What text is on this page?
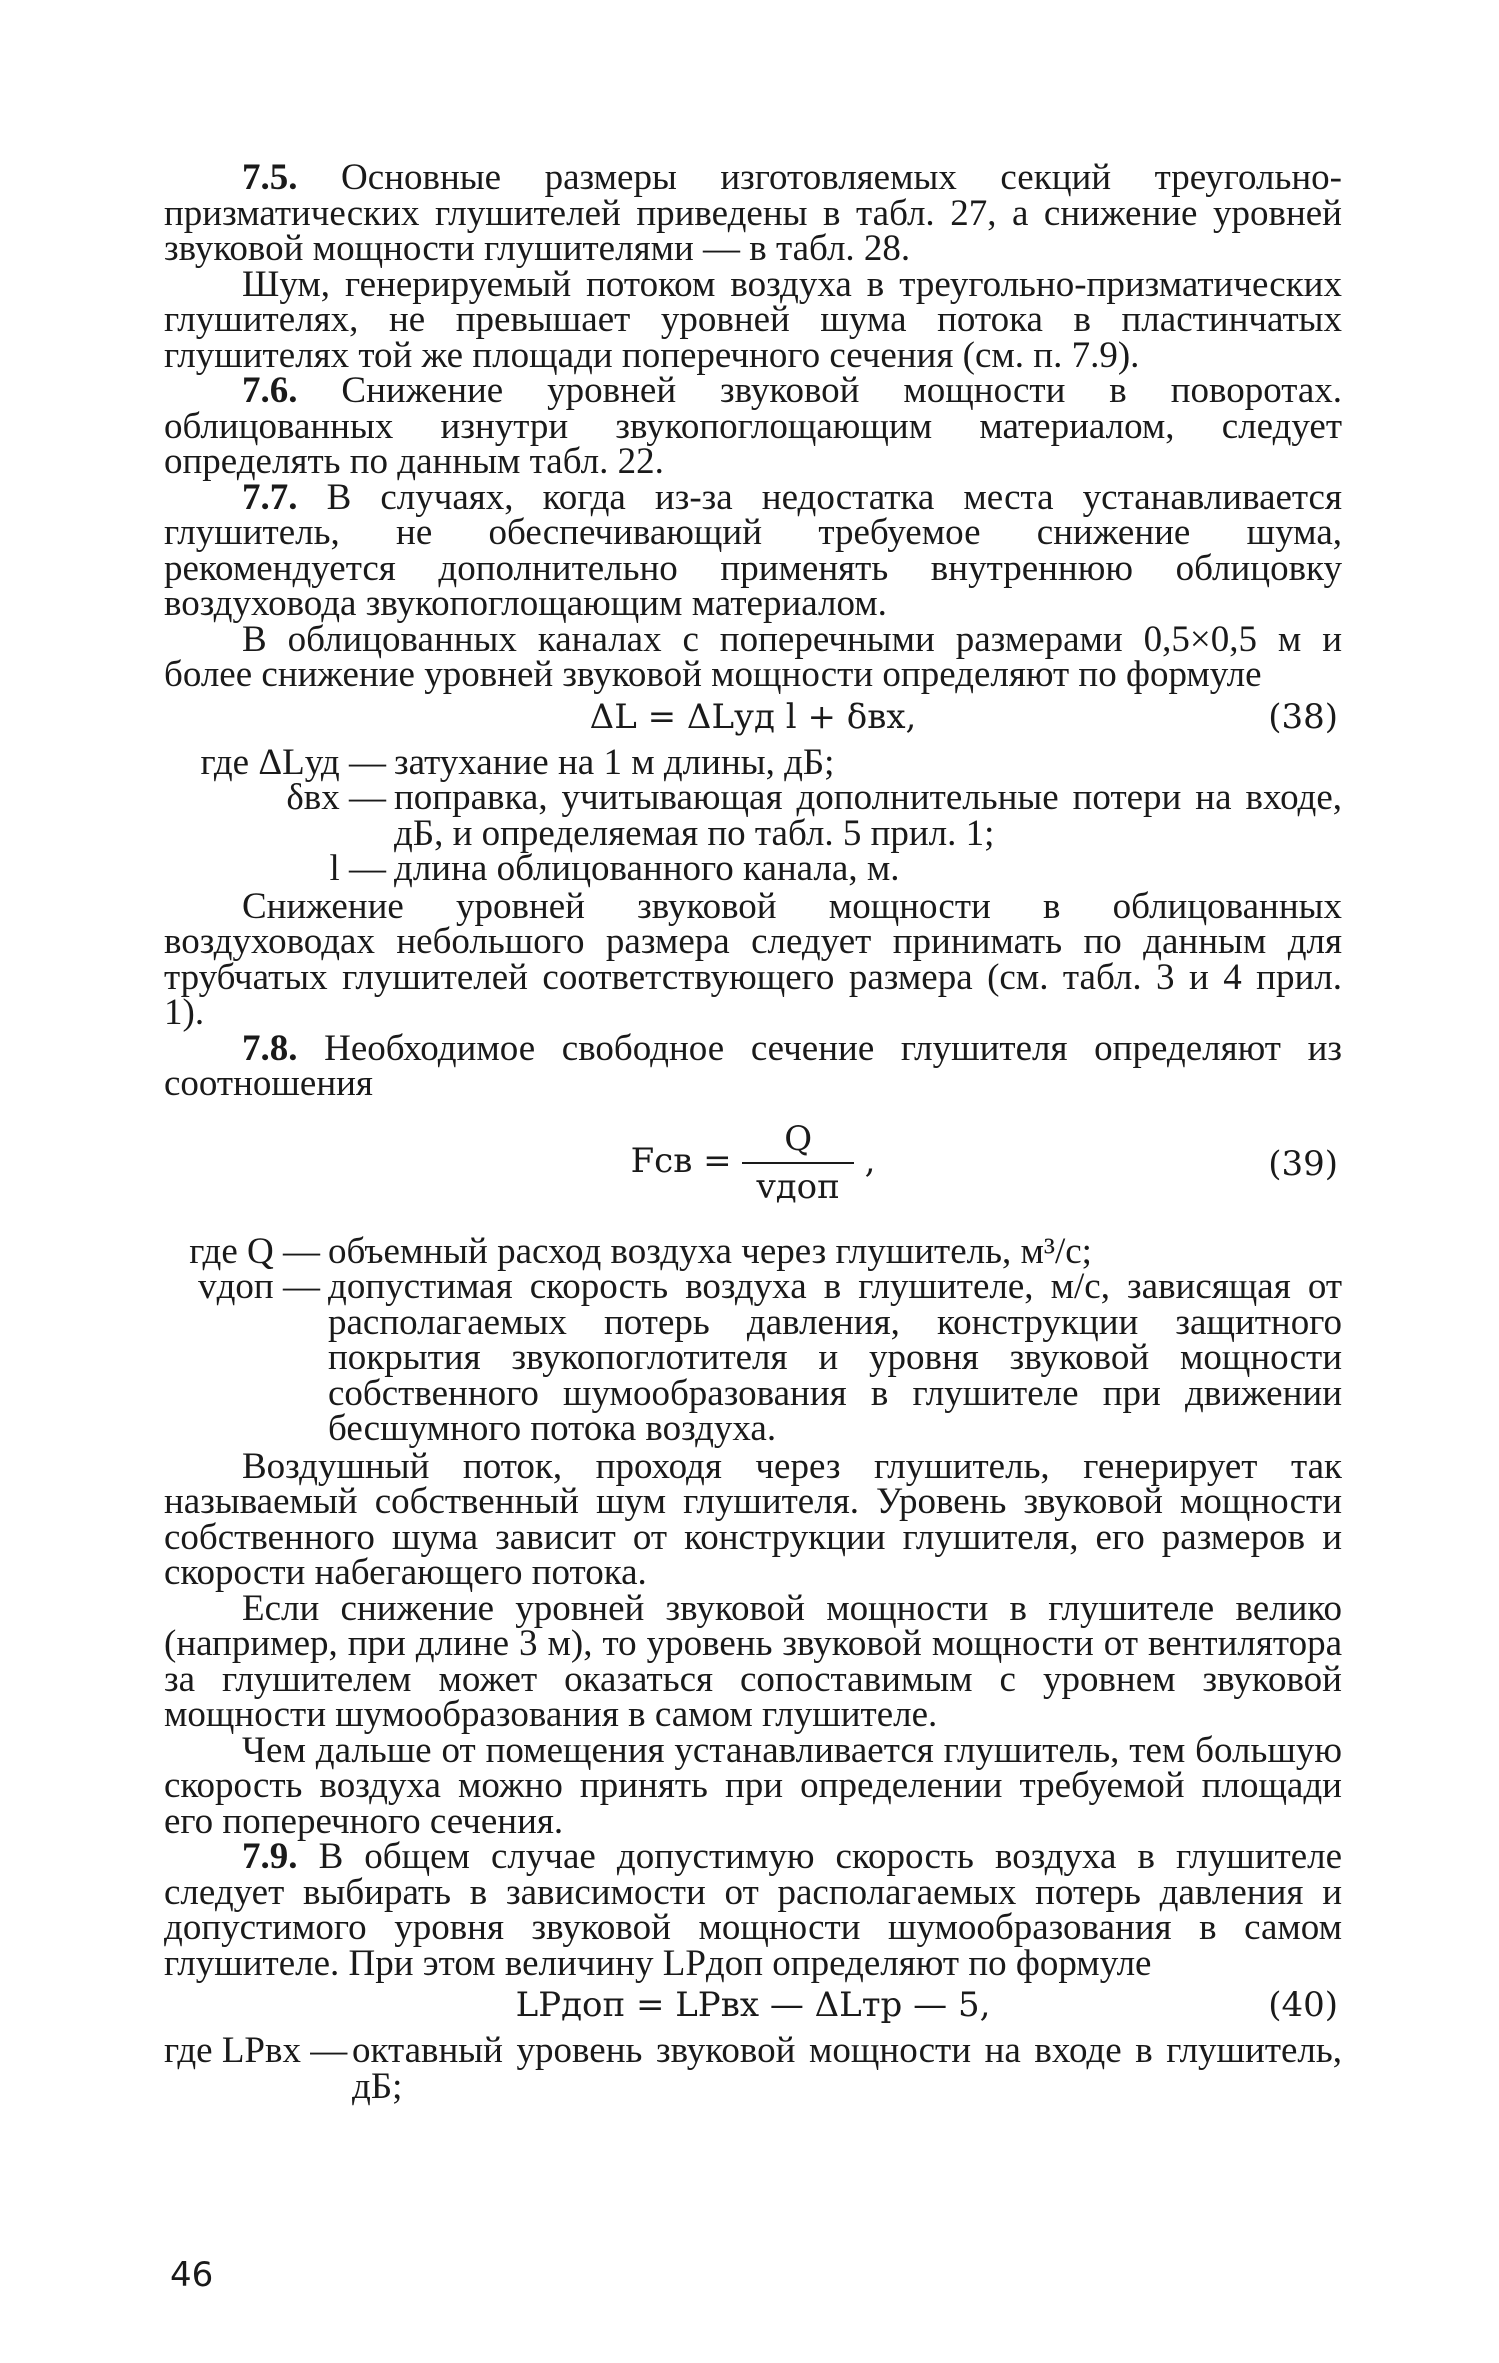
7.5. Основные размеры изготовляемых секций треугольно-призматических глушителей приведены в табл. 27, а снижение уровней звуковой мощности глушителями — в табл. 28.

Шум, генерируемый потоком воздуха в треугольно-призматических глушителях, не превышает уровней шума потока в пластинчатых глушителях той же площади поперечного сечения (см. п. 7.9).

7.6. Снижение уровней звуковой мощности в поворотах. облицованных изнутри звукопоглощающим материалом, следует определять по данным табл. 22.

7.7. В случаях, когда из-за недостатка места устанавливается глушитель, не обеспечивающий требуемое снижение шума, рекомендуется дополнительно применять внутреннюю облицовку воздуховода звукопоглощающим материалом.

В облицованных каналах с поперечными размерами 0,5×0,5 м и более снижение уровней звуковой мощности определяют по формуле

ΔL = ΔLуд l + δвх,	(38)
где ΔLуд — затухание на 1 м длины, дБ;
δвх — поправка, учитывающая дополнительные потери на входе, дБ, и определяемая по табл. 5 прил. 1;
l — длина облицованного канала, м.

Снижение уровней звуковой мощности в облицованных воздуховодах небольшого размера следует принимать по данным для трубчатых глушителей соответствующего размера (см. табл. 3 и 4 прил. 1).

7.8. Необходимое свободное сечение глушителя определяют из соотношения

Fсв = $\frac{Q}{\text{vдоп}}$ ,	(39)
где Q — объемный расход воздуха через глушитель, м³/с;
vдоп — допустимая скорость воздуха в глушителе, м/с, зависящая от располагаемых потерь давления, конструкции защитного покрытия звукопоглотителя и уровня звуковой мощности собственного шумообразования в глушителе при движении бесшумного потока воздуха.

Воздушный поток, проходя через глушитель, генерирует так называемый собственный шум глушителя. Уровень звуковой мощности собственного шума зависит от конструкции глушителя, его размеров и скорости набегающего потока.

Если снижение уровней звуковой мощности в глушителе велико (например, при длине 3 м), то уровень звуковой мощности от вентилятора за глушителем может оказаться сопоставимым с уровнем звуковой мощности шумообразования в самом глушителе.

Чем дальше от помещения устанавливается глушитель, тем большую скорость воздуха можно принять при определении требуемой площади его поперечного сечения.

7.9. В общем случае допустимую скорость воздуха в глушителе следует выбирать в зависимости от располагаемых потерь давления и допустимого уровня звуковой мощности шумообразования в самом глушителе. При этом величину LPдоп определяют по формуле

LPдоп = LPвх — ΔLтр — 5,	(40)
где LPвх — октавный уровень звуковой мощности на входе в глушитель, дБ;
46
